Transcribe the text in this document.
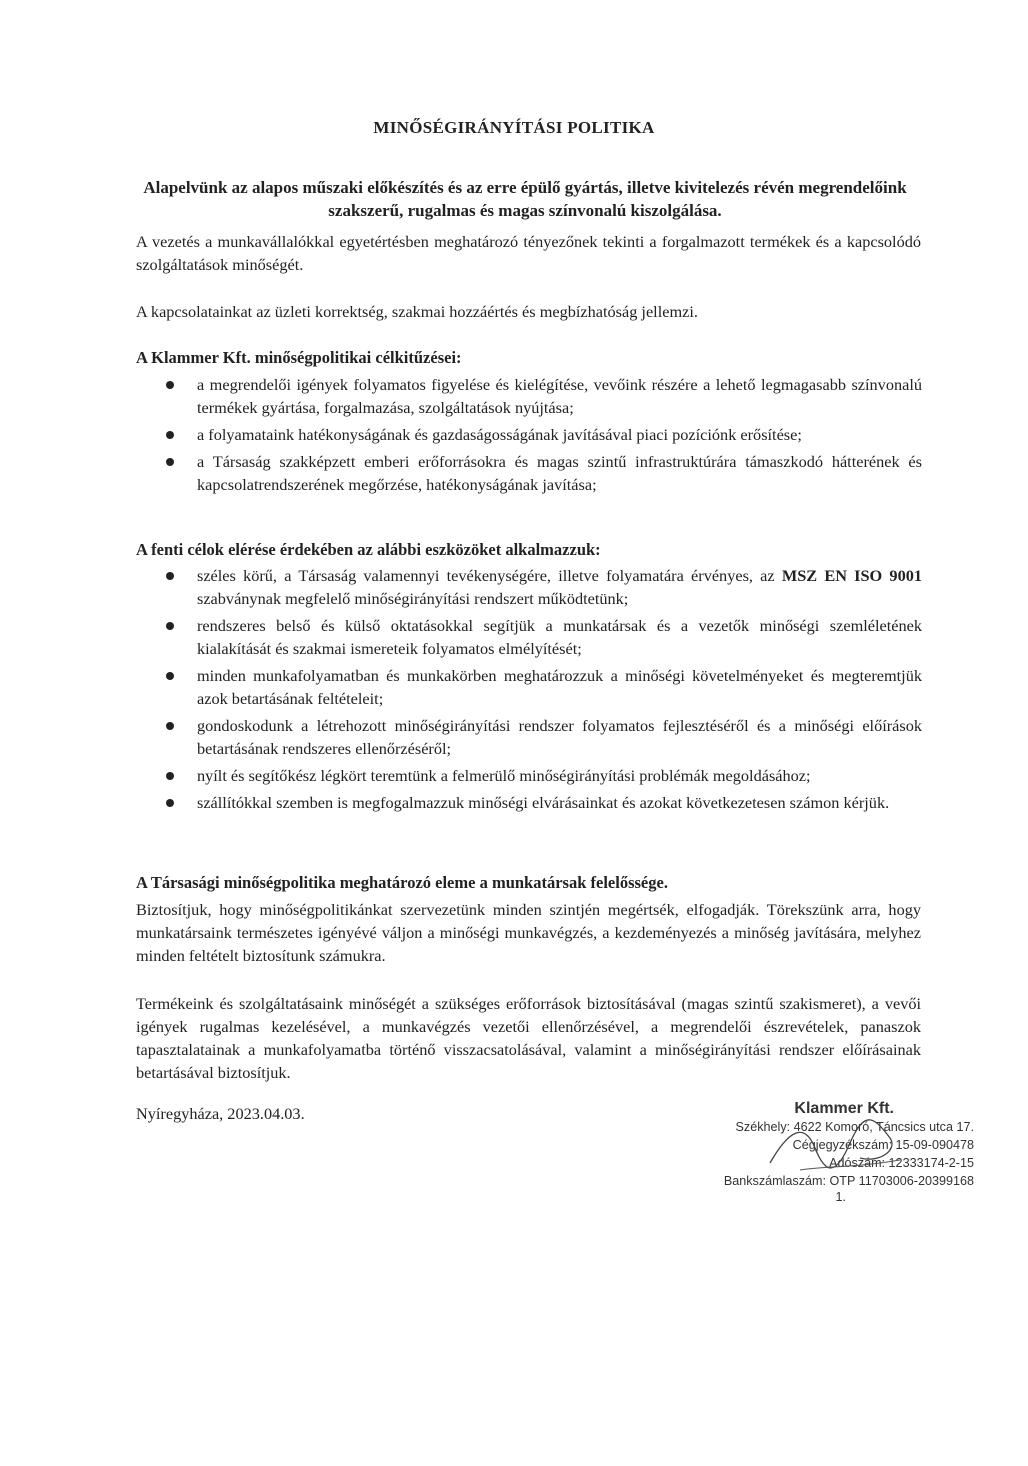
MINŐSÉGIRÁNYÍTÁSI POLITIKA
Alapelvünk az alapos műszaki előkészítés és az erre épülő gyártás, illetve kivitelezés révén megrendelőink szakszerű, rugalmas és magas színvonalú kiszolgálása.
A vezetés a munkavállalókkal egyetértésben meghatározó tényezőnek tekinti a forgalmazott termékek és a kapcsolódó szolgáltatások minőségét.
A kapcsolatainkat az üzleti korrektség, szakmai hozzáértés és megbízhatóság jellemzi.
A Klammer Kft. minőségpolitikai célkitűzései:
a megrendelői igények folyamatos figyelése és kielégítése, vevőink részére a lehető legmagasabb színvonalú termékek gyártása, forgalmazása, szolgáltatások nyújtása;
a folyamataink hatékonyságának és gazdaságosságának javításával piaci pozíciónk erősítése;
a Társaság szakképzett emberi erőforrásokra és magas szintű infrastruktúrára támaszkodó hátterének és kapcsolatrendszerének megőrzése, hatékonyságának javítása;
A fenti célok elérése érdekében az alábbi eszközöket alkalmazzuk:
széles körű, a Társaság valamennyi tevékenységére, illetve folyamatára érvényes, az MSZ EN ISO 9001 szabványnak megfelelő minőségirányítási rendszert működtetünk;
rendszeres belső és külső oktatásokkal segítjük a munkatársak és a vezetők minőségi szemléletének kialakítását és szakmai ismereteik folyamatos elmélyítését;
minden munkafolyamatban és munkakörben meghatározzuk a minőségi követelményeket és megteremtjük azok betartásának feltételeit;
gondoskodunk a létrehozott minőségirányítási rendszer folyamatos fejlesztéséről és a minőségi előírások betartásának rendszeres ellenőrzéséről;
nyílt és segítőkész légkört teremtünk a felmerülő minőségirányítási problémák megoldásához;
szállítókkal szemben is megfogalmazzuk minőségi elvárásainkat és azokat következetesen számon kérjük.
A Társasági minőségpolitika meghatározó eleme a munkatársak felelőssége.
Biztosítjuk, hogy minőségpolitikánkat szervezetünk minden szintjén megértsék, elfogadják. Törekszünk arra, hogy munkatársaink természetes igényévé váljon a minőségi munkavégzés, a kezdeményezés a minőség javítására, melyhez minden feltételt biztosítunk számukra.
Termékeink és szolgáltatásaink minőségét a szükséges erőforrások biztosításával (magas szintű szakismeret), a vevői igények rugalmas kezelésével, a munkavégzés vezetői ellenőrzésével, a megrendelői észrevételek, panaszok tapasztalatainak a munkafolyamatba történő visszacsatolásával, valamint a minőségirányítási rendszer előírásainak betartásával biztosítjuk.
Nyíregyháza, 2023.04.03.	Klammer Kft.
Székhely: 4622 Komoró, Táncsics utca 17.
Cégjegyzékszám: 15-09-090478
Adószám: 12333174-2-15
Bankszámlaszám: OTP 11703006-20399168
1.
